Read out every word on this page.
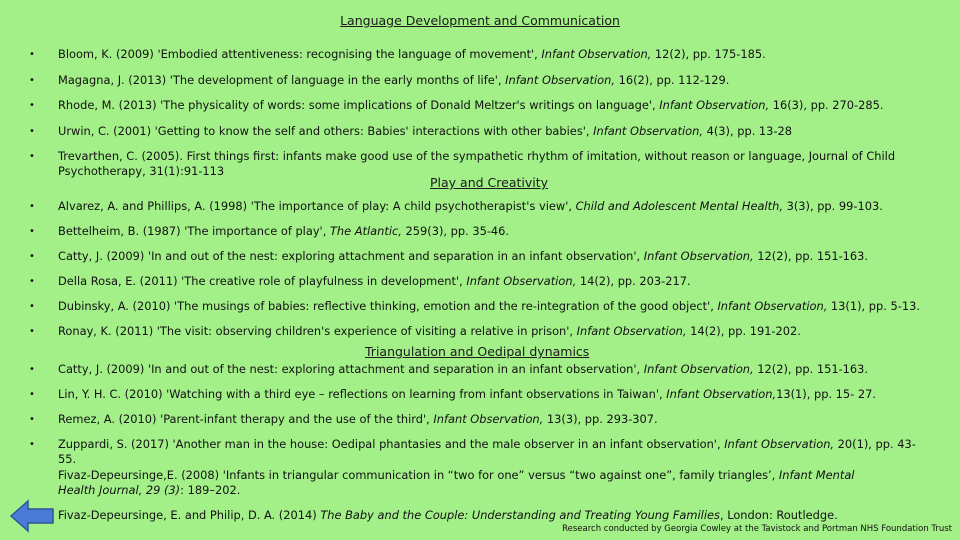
Language Development and Communication
•	Bloom, K. (2009) 'Embodied attentiveness: recognising the language of movement', Infant Observation, 12(2), pp. 175-185.
•	Magagna, J. (2013) 'The development of language in the early months of life', Infant Observation, 16(2), pp. 112-129.
•	Rhode, M. (2013) 'The physicality of words: some implications of Donald Meltzer's writings on language', Infant Observation, 16(3), pp. 270-285.
•	Urwin, C. (2001) 'Getting to know the self and others: Babies' interactions with other babies', Infant Observation, 4(3), pp. 13-28
•	Trevarthen, C. (2005). First things first: infants make good use of the sympathetic rhythm of imitation, without reason or language, Journal of Child Psychotherapy, 31(1):91-113
Play and Creativity
•	Alvarez, A. and Phillips, A. (1998) 'The importance of play: A child psychotherapist's view', Child and Adolescent Mental Health, 3(3), pp. 99-103.
•	Bettelheim, B. (1987) 'The importance of play', The Atlantic, 259(3), pp. 35-46.
•	Catty, J. (2009) 'In and out of the nest: exploring attachment and separation in an infant observation', Infant Observation, 12(2), pp. 151-163.
•	Della Rosa, E. (2011) 'The creative role of playfulness in development', Infant Observation, 14(2), pp. 203-217.
•	Dubinsky, A. (2010) 'The musings of babies: reflective thinking, emotion and the re-integration of the good object', Infant Observation, 13(1), pp. 5-13.
•	Ronay, K. (2011) 'The visit: observing children's experience of visiting a relative in prison', Infant Observation, 14(2), pp. 191-202.
Triangulation and Oedipal dynamics
•	Catty, J. (2009) 'In and out of the nest: exploring attachment and separation in an infant observation', Infant Observation, 12(2), pp. 151-163.
•	Lin, Y. H. C. (2010) 'Watching with a third eye – reflections on learning from infant observations in Taiwan', Infant Observation,13(1), pp. 15- 27.
•	Remez, A. (2010) 'Parent-infant therapy and the use of the third', Infant Observation, 13(3), pp. 293-307.
•	Zuppardi, S. (2017) 'Another man in the house: Oedipal phantasies and the male observer in an infant observation', Infant Observation, 20(1), pp. 43-55.
Fivaz-Depeursinge,E. (2008) 'Infants in triangular communication in “two for one” versus “two against one”, family triangles’, Infant Mental Health Journal, 29 (3): 189–202.
Fivaz-Depeursinge, E. and Philip, D. A. (2014) The Baby and the Couple: Understanding and Treating Young Families, London: Routledge.
Research conducted by Georgia Cowley at the Tavistock and Portman NHS Foundation Trust
